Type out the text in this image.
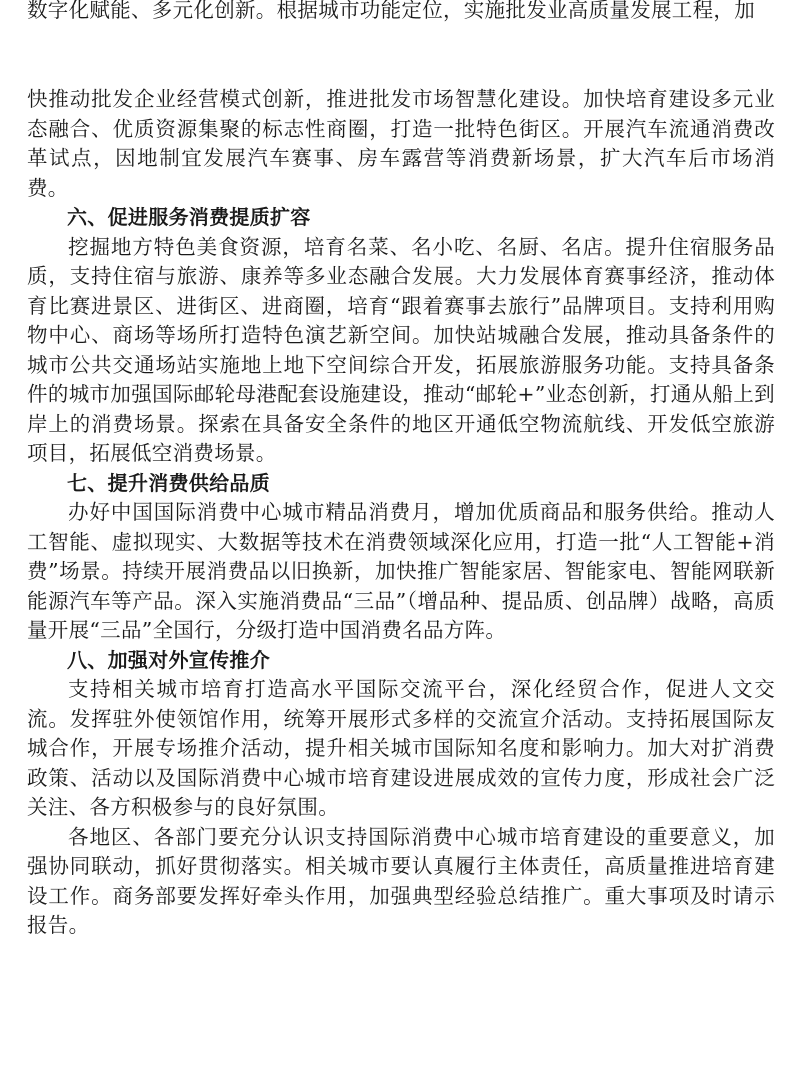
数字化赋能、多元化创新。根据城市功能定位，实施批发业高质量发展工程，加

快推动批发企业经营模式创新，推进批发市场智慧化建设。加快培育建设多元业态融合、优质资源集聚的标志性商圈，打造一批特色街区。开展汽车流通消费改革试点，因地制宜发展汽车赛事、房车露营等消费新场景，扩大汽车后市场消费。

六、促进服务消费提质扩容

挖掘地方特色美食资源，培育名菜、名小吃、名厨、名店。提升住宿服务品质，支持住宿与旅游、康养等多业态融合发展。大力发展体育赛事经济，推动体育比赛进景区、进街区、进商圈，培育“跟着赛事去旅行”品牌项目。支持利用购物中心、商场等场所打造特色演艺新空间。加快站城融合发展，推动具备条件的城市公共交通场站实施地上地下空间综合开发，拓展旅游服务功能。支持具备条件的城市加强国际邮轮母港配套设施建设，推动“邮轮+”业态创新，打通从船上到岸上的消费场景。探索在具备安全条件的地区开通低空物流航线、开发低空旅游项目，拓展低空消费场景。

七、提升消费供给品质

办好中国国际消费中心城市精品消费月，增加优质商品和服务供给。推动人工智能、虚拟现实、大数据等技术在消费领域深化应用，打造一批“人工智能+消费”场景。持续开展消费品以旧换新，加快推广智能家居、智能家电、智能网联新能源汽车等产品。深入实施消费品“三品”（增品种、提品质、创品牌）战略，高质量开展“三品”全国行，分级打造中国消费名品方阵。

八、加强对外宣传推介

支持相关城市培育打造高水平国际交流平台，深化经贸合作，促进人文交流。发挥驻外使领馆作用，统筹开展形式多样的交流宣介活动。支持拓展国际友城合作，开展专场推介活动，提升相关城市国际知名度和影响力。加大对扩消费政策、活动以及国际消费中心城市培育建设进展成效的宣传力度，形成社会广泛关注、各方积极参与的良好氛围。

各地区、各部门要充分认识支持国际消费中心城市培育建设的重要意义，加强协同联动，抓好贯彻落实。相关城市要认真履行主体责任，高质量推进培育建设工作。商务部要发挥好牵头作用，加强典型经验总结推广。重大事项及时请示报告。
